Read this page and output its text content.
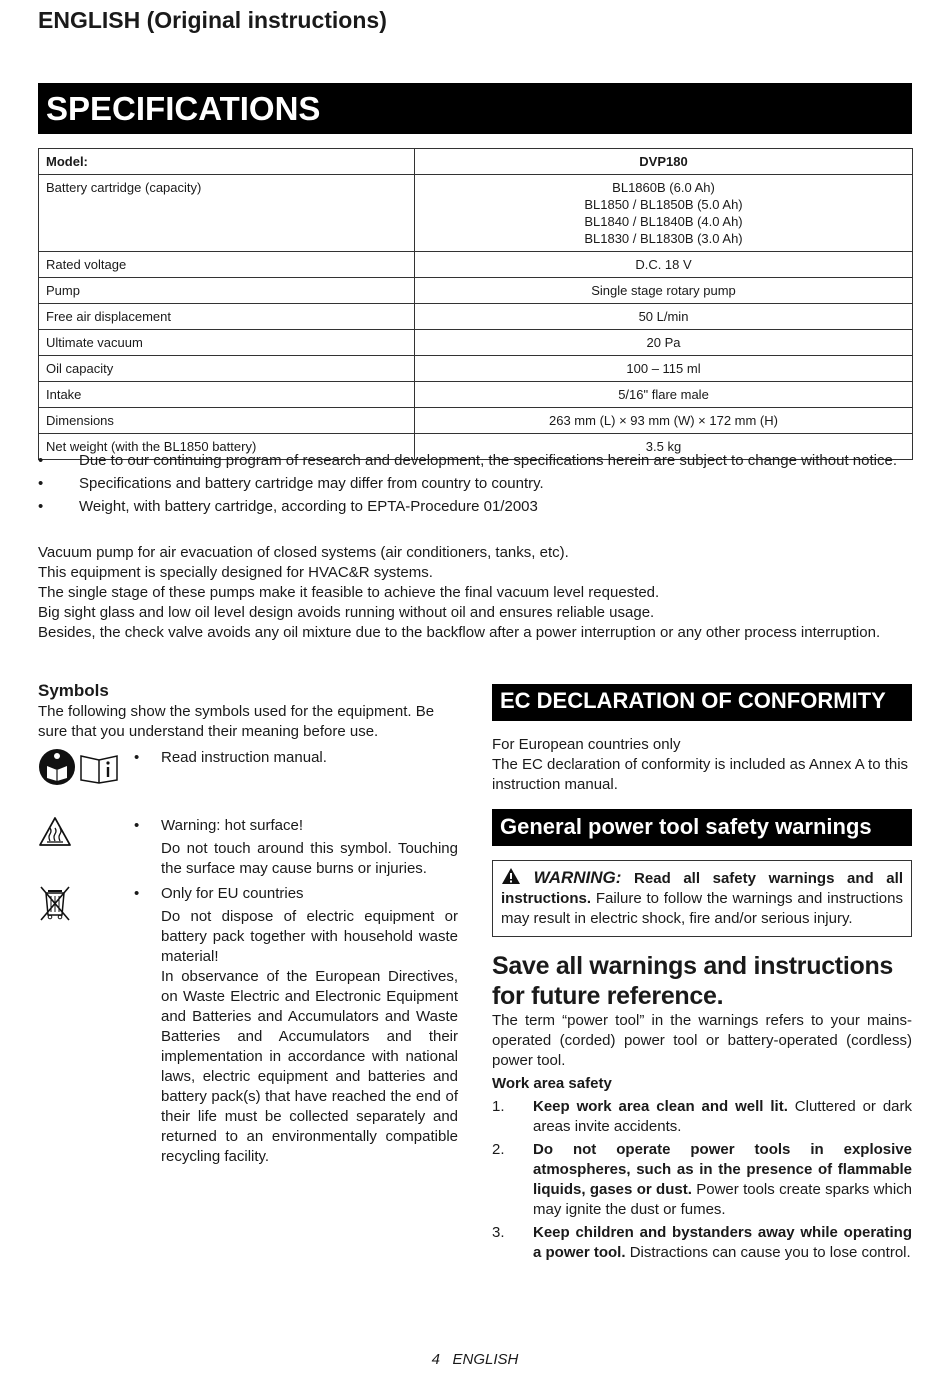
ENGLISH (Original instructions)
SPECIFICATIONS
Model:	DVP180
Battery cartridge (capacity)	BL1860B (6.0 Ah)
BL1850 / BL1850B (5.0 Ah)
BL1840 / BL1840B (4.0 Ah)
BL1830 / BL1830B (3.0 Ah)

Rated voltage	D.C. 18 V
Pump	Single stage rotary pump
Free air displacement	50 L/min
Ultimate vacuum	20 Pa
Oil capacity	100 – 115 ml
Intake	5/16" flare male
Dimensions	263 mm (L) × 93 mm (W) × 172 mm (H)
Net weight (with the BL1850 battery)	3.5 kg
• Due to our continuing program of research and development, the specifications herein are subject to change without notice.
• Specifications and battery cartridge may differ from country to country.
• Weight, with battery cartridge, according to EPTA-Procedure 01/2003

Vacuum pump for air evacuation of closed systems (air conditioners, tanks, etc).

This equipment is specially designed for HVAC&R systems.

The single stage of these pumps make it feasible to achieve the final vacuum level requested.

Big sight glass and low oil level design avoids running without oil and ensures reliable usage.

Besides, the check valve avoids any oil mixture due to the backflow after a power interruption or any other process interruption.

Symbols
The following show the symbols used for the equipment. Be sure that you understand their meaning before use.
• Read instruction manual.
• Warning: hot surface!
Do not touch around this symbol. Touching the surface may cause burns or injuries.
• Only for EU countries
Do not dispose of electric equipment or battery pack together with household waste material!
In observance of the European Directives, on Waste Electric and Electronic Equipment and Batteries and Accumulators and Waste Batteries and Accumulators and their implementation in accordance with national laws, electric equipment and batteries and battery pack(s) that have reached the end of their life must be collected separately and returned to an environmentally compatible recycling facility.
EC DECLARATION OF CONFORMITY
For European countries only
The EC declaration of conformity is included as Annex A to this instruction manual.
General power tool safety warnings
WARNING: Read all safety warnings and all instructions. Failure to follow the warnings and instructions may result in electric shock, fire and/or serious injury.
Save all warnings and instructions for future reference.
The term “power tool” in the warnings refers to your mains-operated (corded) power tool or battery-operated (cordless) power tool.
Work area safety
1. Keep work area clean and well lit. Cluttered or dark areas invite accidents.
2. Do not operate power tools in explosive atmospheres, such as in the presence of flammable liquids, gases or dust. Power tools create sparks which may ignite the dust or fumes.
3. Keep children and bystanders away while operating a power tool. Distractions can cause you to lose control.
4   ENGLISH
